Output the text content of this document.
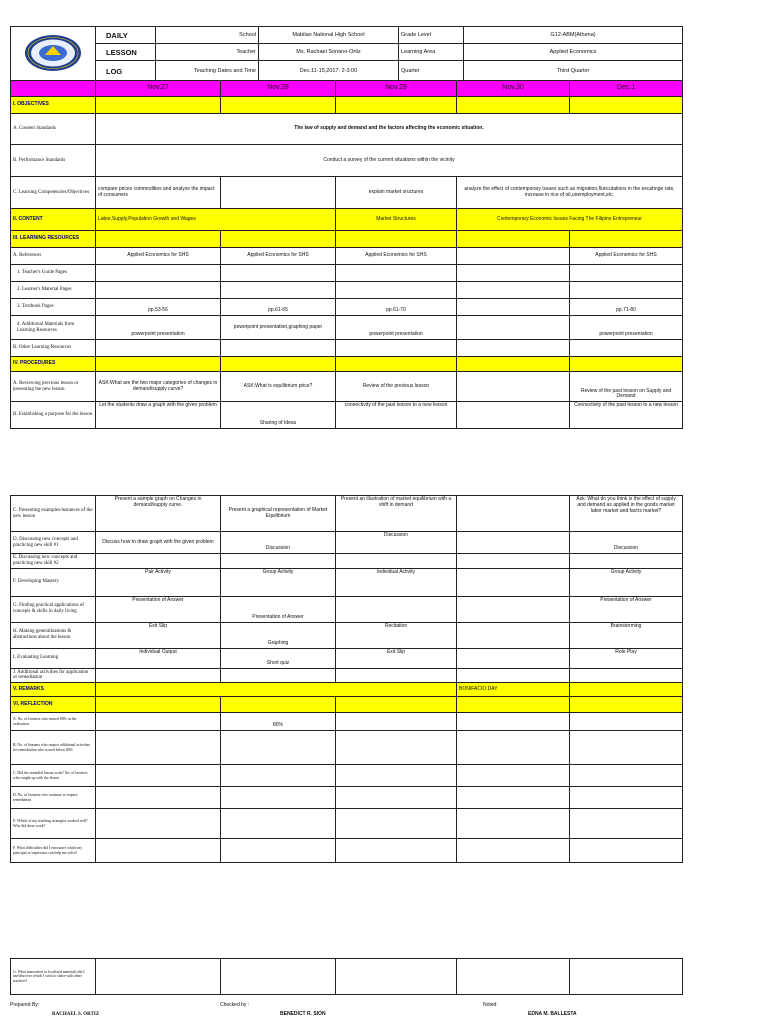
	DAILY	School	Mabilao National High School	Grade Level	G12-ABM(Athena)
	LESSON	Teacher	Ms. Rachael Soriano-Ortiz	Learning Area	Applied Economics
	LOG	Teaching Dates and Time	Dec.11-15,2017: 2-3:00	Quarter	Third Quarter
	Nov.27	Nov.28	Nov.29	Nov.30	Dec.1
I. OBJECTIVES					
A. Content Standards	The law of supply and demand and the factors affecting the economic situation.				
B. Performance Standards	Conduct a survey of the current situations within the vicinity				
C. Learning Competencies/Objectives	compare prices commodities and analyze the impact of consumers		explain market sructures	analyze the effect of contemporary issues such as migration,fluncutations in the excahnge rate, increase in rice of oil,unemployment,etc.	
II. CONTENT	Labor,Supply,Population Growth and Wages		Market Structures	Contemporary Economic Issues Facing The Filipino Entrepreneur	
III. LEARNING RESOURCES					
A. References	Applied Economics for SHS	Applied Economics for SHS	Applied Economics for SHS		Applied Economics for SHS
1. Teacher's Guide Pages					
2. Learner's Material Pages					
3. Textbook Pages	pp.53-56	pp.61-65	pp.61-70		pp.71-80
4. Additional Materials from Learning Resources	powerpoint presentation	powerpoint presentation,graphing paper	powerpoint presentation		powerpoint presentation
B. Other Learning Resources					
IV. PROCEDURES					
A. Reviewing previous lesson or presenting the new lesson	ASK:What are the two major categories of changes in demand/supply curve?	ASK:What is equilibrium price?	Review of the previous lesson		Review of the past lesson on Supply and Demand
B. Establishing a purpose for the lesson	Let the students draw a graph with the given problem	Sharing of Ideas	connectivity of the past lesson to a new lesson		Connectivity of the past lesson to a new lesson
C. Presenting examples/instances of the new lesson	Present a sample graph on Changes in demand/supply curve.	Present a graphical representation of Market Equilibrium	Present an illustration of market equilibrium with a shift in demand		Ask: What do you think is the effect of supply and demand as applied in the goods market labor market and factrs market?
D. Discussing new concepts and practicing new skill #1	Discuss how to draw graph with the given problem	Discussion	Discussion		Discussion
E. Discussing new concepts and practicing new skill #2					
F. Developing Mastery	Pair Activity	Group Activity	Individual Activity		Group Activity
G. Finding practical applications of concepts & skills in daily living	Presentation of Answer	Presentation of Answer			Presentation of Answer
H. Making generalizations & abstractions about the lesson	Exit Slip	Graphing	Recitation		Brainstorming
I. Evaluating Learning	Individual Output	Short quiz	Exit Slip		Role Play
J. Additional activities for application or remediation					
V. REMARKS				BONIFACIO DAY	
VI. REFLECTION					
A. No. of learners who earned 80% in the evaluation		80%			
B. No. of learners who require additional activities for remediation who scored below 80%					
C. Did the remedial lesson work? No. of learners who caught up with the lesson					
D. No. of learners who continue to require remediation					
E. Which of my teaching strategies worked well? Why did these work?					
F. What difficulties did I encounter which my principal or supervisor can help me solve?					
G. What innovation or localized materials did I use/discover which I wish to share with other teachers?					
Prepared By:
RACHAEL S. ORTIZ
Checked by :
BENEDICT R. SION
Noted:
EDNA M. BALLESTA
